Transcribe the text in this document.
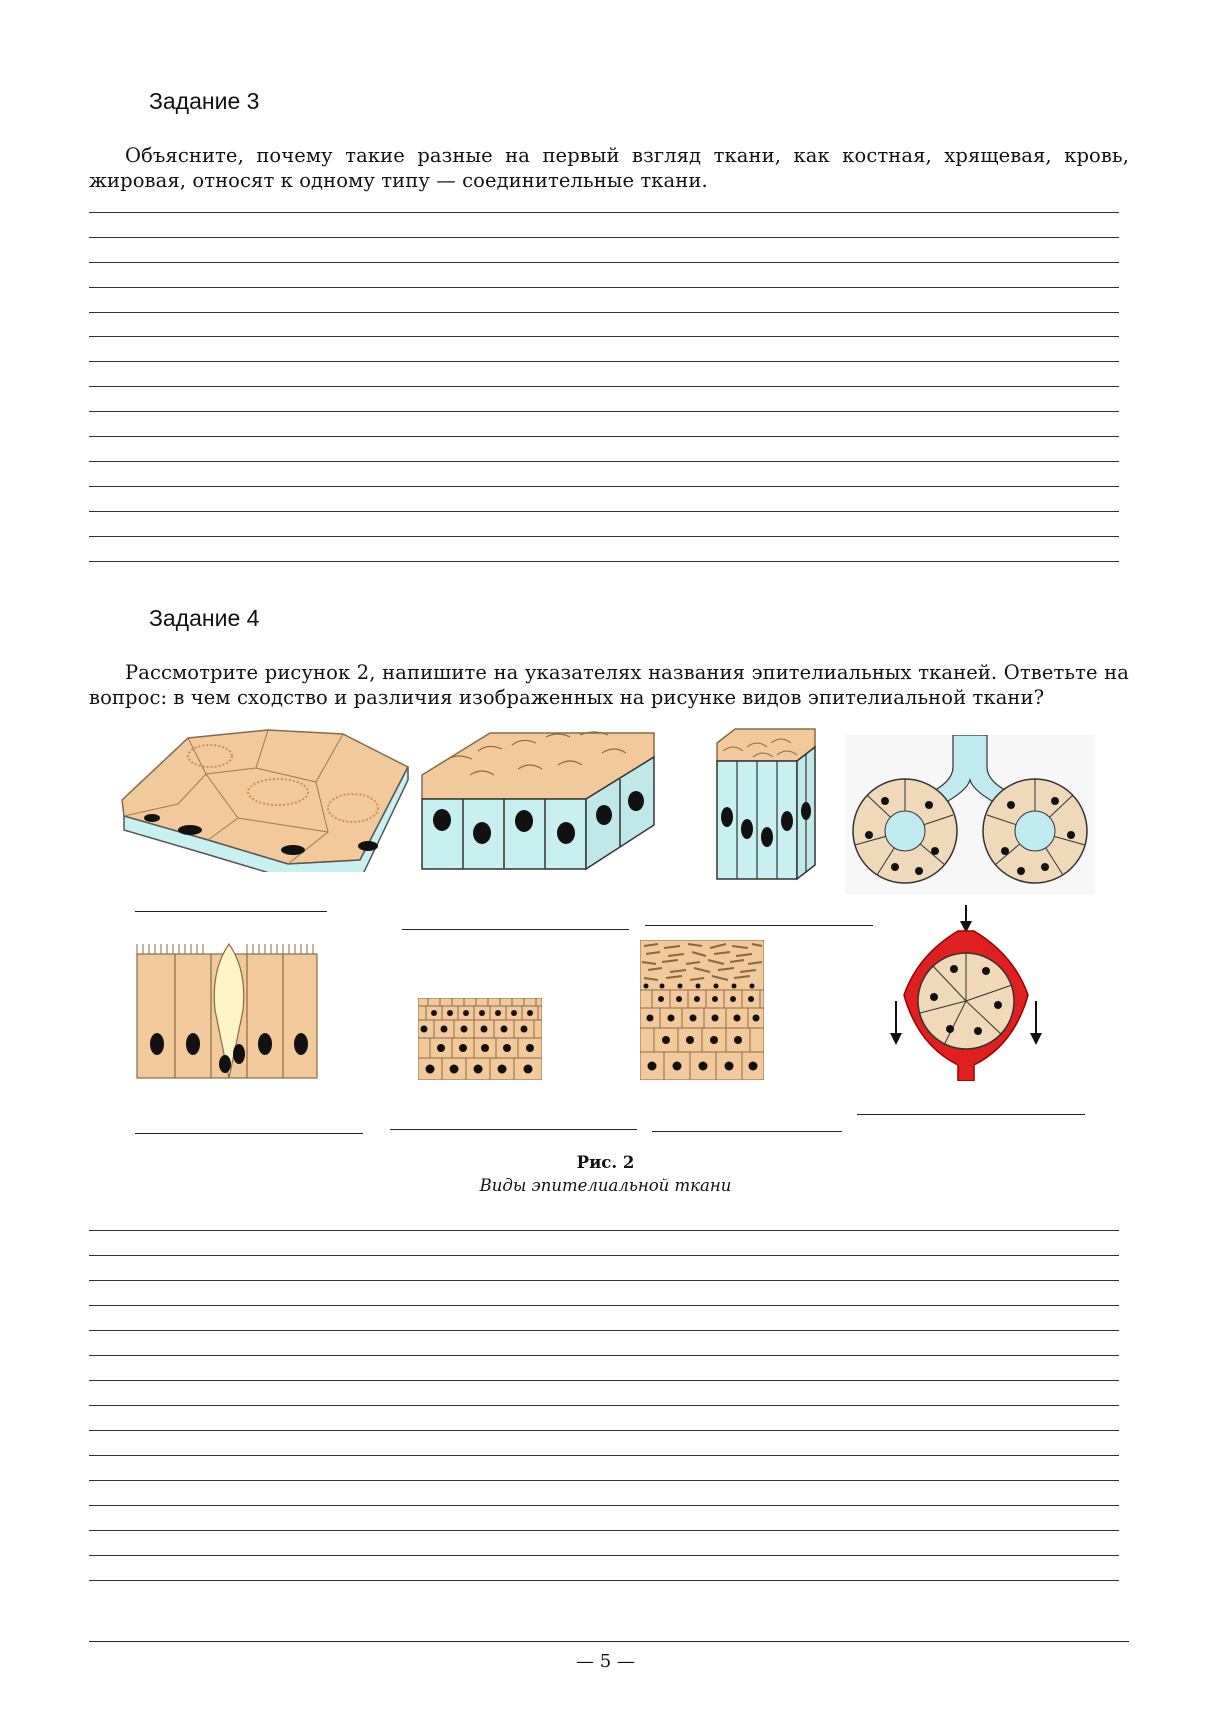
Задание 3
Объясните, почему такие разные на первый взгляд ткани, как костная, хрящевая, кровь, жировая, относят к одному типу — соединительные ткани.
Задание 4
Рассмотрите рисунок 2, напишите на указателях названия эпителиальных тканей. Ответьте на вопрос: в чем сходство и различия изображенных на рисунке видов эпителиальной ткани?
Рис. 2
Виды эпителиальной ткани
— 5 —
